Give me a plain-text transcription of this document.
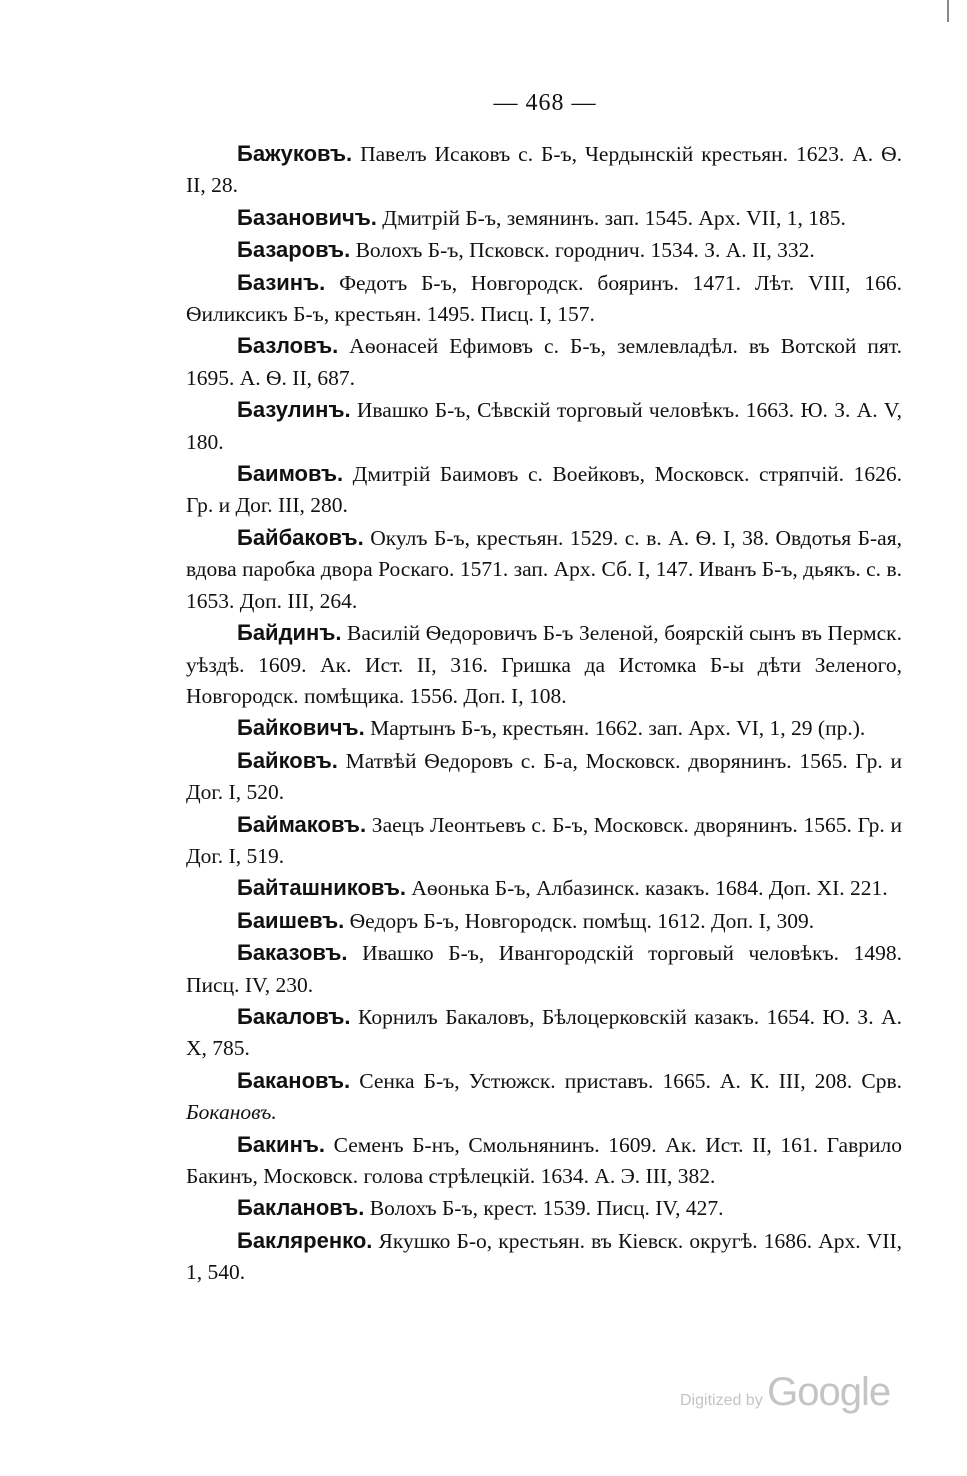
— 468 —

Бажуковъ. Павелъ Исаковъ с. Б-ъ, Чердынскій крестьян. 1623. А. Ѳ. II, 28.

Базановичъ. Дмитрій Б-ъ, земянинъ. зап. 1545. Арх. VII, 1, 185.

Базаровъ. Волохъ Б-ъ, Псковск. городнич. 1534. З. А. II, 332.

Базинъ. Федотъ Б-ъ, Новгородск. бояринъ. 1471. Лѣт. VIII, 166. Ѳиликсикъ Б-ъ, крестьян. 1495. Писц. I, 157.

Базловъ. Аѳонасей Ефимовъ с. Б-ъ, землевладѣл. въ Вотской пят. 1695. А. Ѳ. II, 687.

Базулинъ. Ивашко Б-ъ, Сѣвскій торговый человѣкъ. 1663. Ю. З. А. V, 180.

Баимовъ. Дмитрій Баимовъ с. Воейковъ, Московск. стряпчій. 1626. Гр. и Дог. III, 280.

Байбаковъ. Окулъ Б-ъ, крестьян. 1529. с. в. А. Ѳ. I, 38. Овдотья Б-ая, вдова паробка двора Роскаго. 1571. зап. Арх. Сб. I, 147. Иванъ Б-ъ, дьякъ. с. в. 1653. Доп. III, 264.

Байдинъ. Василій Ѳедоровичъ Б-ъ Зеленой, боярскій сынъ въ Пермск. уѣздѣ. 1609. Ак. Ист. II, 316. Гришка да Истомка Б-ы дѣти Зеленого, Новгородск. помѣщика. 1556. Доп. I, 108.

Байковичъ. Мартынъ Б-ъ, крестьян. 1662. зап. Арх. VI, 1, 29 (пр.).

Байковъ. Матвѣй Ѳедоровъ с. Б-а, Московск. дворянинъ. 1565. Гр. и Дог. I, 520.

Баймаковъ. Заецъ Леонтьевъ с. Б-ъ, Московск. дворянинъ. 1565. Гр. и Дог. I, 519.

Байташниковъ. Аѳонька Б-ъ, Албазинск. казакъ. 1684. Доп. XI. 221.

Баишевъ. Ѳедоръ Б-ъ, Новгородск. помѣщ. 1612. Доп. I, 309.

Баказовъ. Ивашко Б-ъ, Ивангородскій торговый человѣкъ. 1498. Писц. IV, 230.

Бакаловъ. Корнилъ Бакаловъ, Бѣлоцерковскій казакъ. 1654. Ю. З. А. X, 785.

Бакановъ. Сенка Б-ъ, Устюжск. приставъ. 1665. А. К. III, 208. Срв. Бокановъ.

Бакинъ. Семенъ Б-нъ, Смольнянинъ. 1609. Ак. Ист. II, 161. Гаврило Бакинъ, Московск. голова стрѣлецкій. 1634. А. Э. III, 382.

Баклановъ. Волохъ Б-ъ, крест. 1539. Писц. IV, 427.

Бакляренко. Якушко Б-о, крестьян. въ Кіевск. округѣ. 1686. Арх. VII, 1, 540.

Digitized by Google
